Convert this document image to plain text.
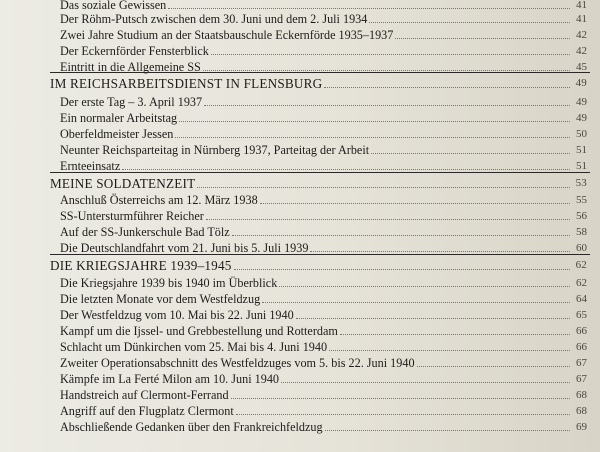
Das soziale Gewissen	41
Der Röhm-Putsch zwischen dem 30. Juni und dem 2. Juli 1934	41
Zwei Jahre Studium an der Staatsbauschule Eckernförde 1935–1937	42
Der Eckernförder Fensterblick	42
Eintritt in die Allgemeine SS	45
IM REICHSARBEITSDIENST IN FLENSBURG	49
Der erste Tag – 3. April 1937	49
Ein normaler Arbeitstag	49
Oberfeldmeister Jessen	50
Neunter Reichsparteitag in Nürnberg 1937, Parteitag der Arbeit	51
Ernteeinsatz	51
MEINE SOLDATENZEIT	53
Anschluß Österreichs am 12. März 1938	55
SS-Untersturmführer Reicher	56
Auf der SS-Junkerschule Bad Tölz	58
Die Deutschlandfahrt vom 21. Juni bis 5. Juli 1939	60
DIE KRIEGSJAHRE 1939–1945	62
Die Kriegsjahre 1939 bis 1940 im Überblick	62
Die letzten Monate vor dem Westfeldzug	64
Der Westfeldzug vom 10. Mai bis 22. Juni 1940	65
Kampf um die Ijssel- und Grebbestellung und Rotterdam	66
Schlacht um Dünkirchen vom 25. Mai bis 4. Juni 1940	66
Zweiter Operationsabschnitt des Westfeldzuges vom 5. bis 22. Juni 1940	67
Kämpfe im La Ferté Milon am 10. Juni 1940	67
Handstreich auf Clermont-Ferrand	68
Angriff auf den Flugplatz Clermont	68
Abschließende Gedanken über den Frankreichfeldzug	69
